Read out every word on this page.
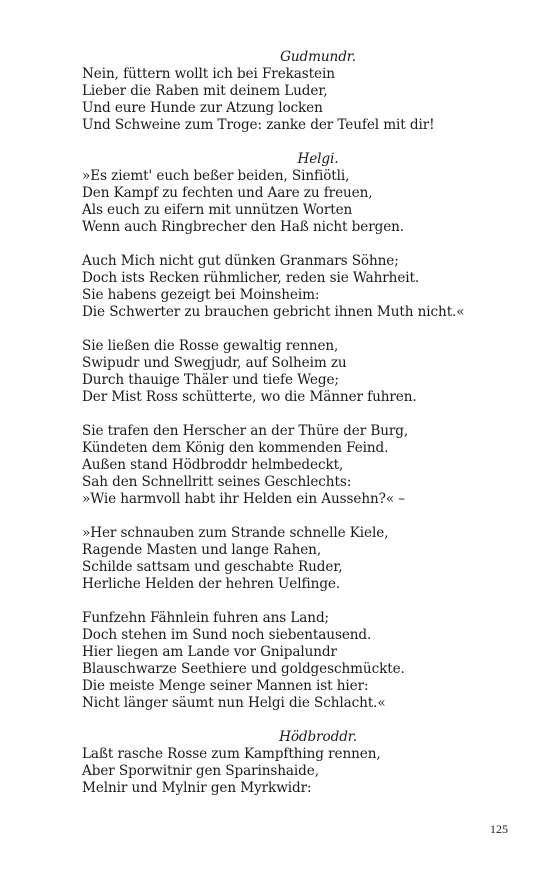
Gudmundr.
Nein, füttern wollt ich bei Frekastein
Lieber die Raben mit deinem Luder,
Und eure Hunde zur Atzung locken
Und Schweine zum Troge: zanke der Teufel mit dir!
Helgi.
»Es ziemt' euch beßer beiden, Sinfiötli,
Den Kampf zu fechten und Aare zu freuen,
Als euch zu eifern mit unnützen Worten
Wenn auch Ringbrecher den Haß nicht bergen.
Auch Mich nicht gut dünken Granmars Söhne;
Doch ists Recken rühmlicher, reden sie Wahrheit.
Sie habens gezeigt bei Moinsheim:
Die Schwerter zu brauchen gebricht ihnen Muth nicht.«
Sie ließen die Rosse gewaltig rennen,
Swipudr und Swegjudr, auf Solheim zu
Durch thauige Thäler und tiefe Wege;
Der Mist Ross schütterte, wo die Männer fuhren.
Sie trafen den Herscher an der Thüre der Burg,
Kündeten dem König den kommenden Feind.
Außen stand Hödbroddr helmbedeckt,
Sah den Schnellritt seines Geschlechts:
»Wie harmvoll habt ihr Helden ein Aussehn?« –
»Her schnauben zum Strande schnelle Kiele,
Ragende Masten und lange Rahen,
Schilde sattsam und geschabte Ruder,
Herliche Helden der hehren Uelfinge.
Funfzehn Fähnlein fuhren ans Land;
Doch stehen im Sund noch siebentausend.
Hier liegen am Lande vor Gnipalundr
Blauschwarze Seethiere und goldgeschmückte.
Die meiste Menge seiner Mannen ist hier:
Nicht länger säumt nun Helgi die Schlacht.«
Hödbroddr.
Laßt rasche Rosse zum Kampfthing rennen,
Aber Sporwitnir gen Sparinshaide,
Melnir und Mylnir gen Myrkwidr:
125
